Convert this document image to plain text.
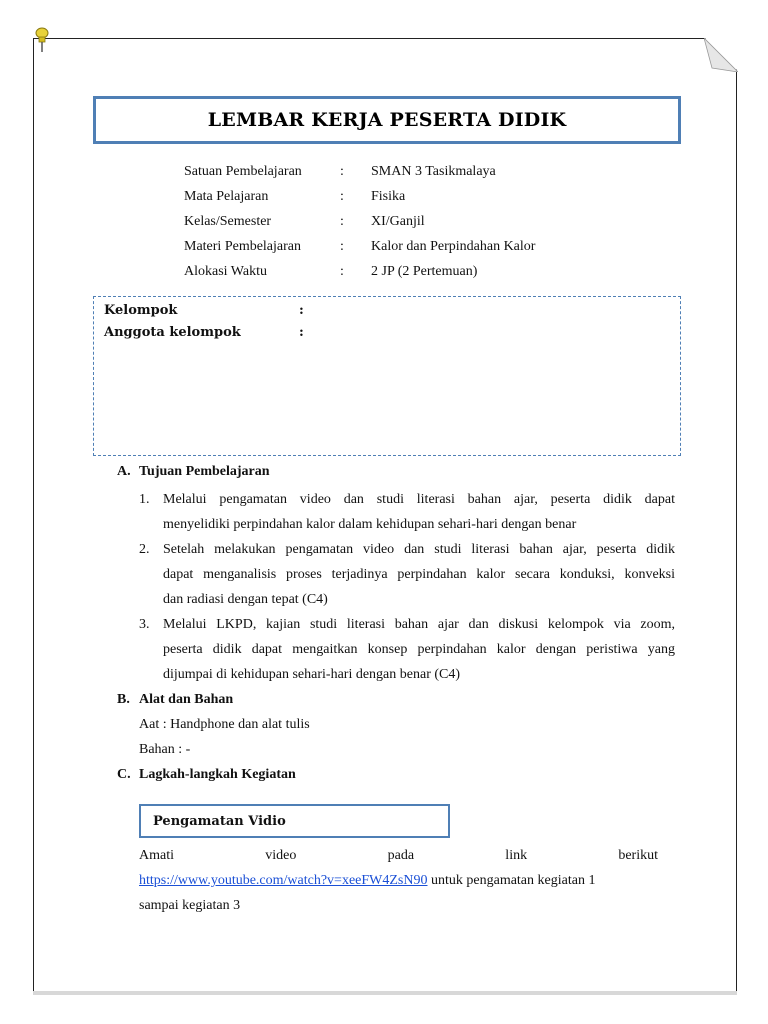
LEMBAR KERJA PESERTA DIDIK
Satuan Pembelajaran	: SMAN 3 Tasikmalaya
Mata Pelajaran	: Fisika
Kelas/Semester	: XI/Ganjil
Materi Pembelajaran	: Kalor dan Perpindahan Kalor
Alokasi Waktu	: 2 JP (2 Pertemuan)
Kelompok	:
Anggota kelompok	:
A. Tujuan Pembelajaran
1. Melalui pengamatan video dan studi literasi bahan ajar, peserta didik dapat
menyelidiki perpindahan kalor dalam kehidupan sehari-hari dengan benar
2. Setelah melakukan pengamatan video dan studi literasi bahan ajar, peserta didik
dapat menganalisis proses terjadinya perpindahan kalor secara konduksi, konveksi
dan radiasi dengan tepat (C4)
3. Melalui LKPD, kajian studi literasi bahan ajar dan diskusi kelompok via zoom,
peserta didik dapat mengaitkan konsep perpindahan kalor dengan peristiwa yang
dijumpai di kehidupan sehari-hari dengan benar (C4)
B. Alat dan Bahan
Aat : Handphone dan alat tulis
Bahan : -
C. Lagkah-langkah Kegiatan
Pengamatan Vidio
Amati video pada link berikut
https://www.youtube.com/watch?v=xeeFW4ZsN90 untuk pengamatan kegiatan 1
sampai kegiatan 3
